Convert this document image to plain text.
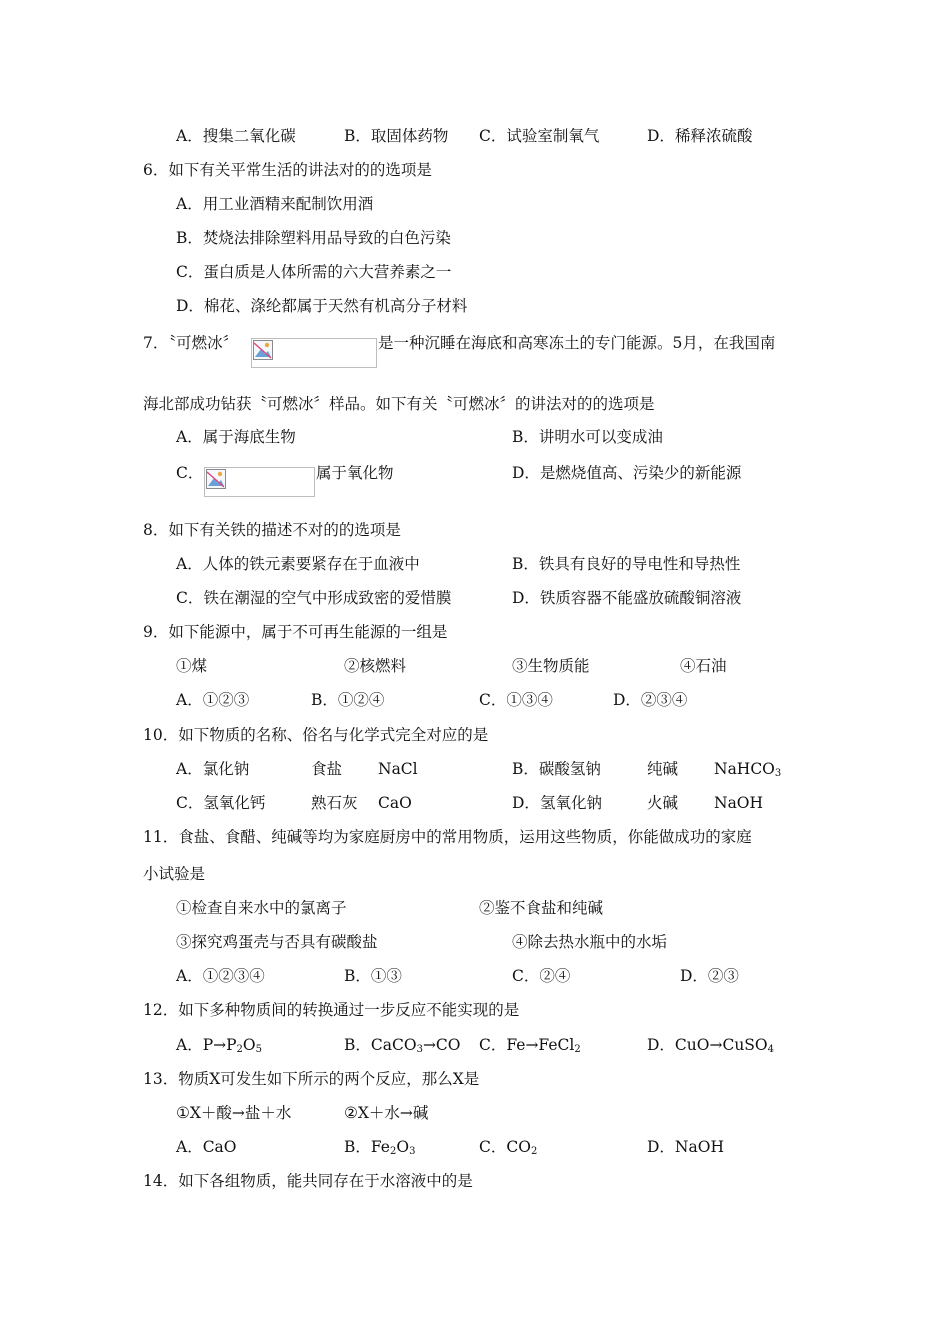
A．搜集二氧化碳	B．取固体药物 C．试验室制氧气	D．稀释浓硫酸
6．如下有关平常生活的讲法对的的选项是
A．用工业酒精来配制饮用酒
B．焚烧法排除塑料用品导致的白色污染
C．蛋白质是人体所需的六大营养素之一
D．棉花、涤纶都属于天然有机高分子材料
7．〝可燃冰〞	是一种沉睡在海底和高寒冻土的专门能源。5月，在我国南
海北部成功钻获〝可燃冰〞样品。如下有关〝可燃冰〞的讲法对的的选项是
A．属于海底生物	B．讲明水可以变成油
C．	属于氧化物	D．是燃烧值高、污染少的新能源
8．如下有关铁的描述不对的的选项是
A．人体的铁元素要紧存在于血液中	B．铁具有良好的导电性和导热性
C．铁在潮湿的空气中形成致密的爱惜膜	D．铁质容器不能盛放硫酸铜溶液
9．如下能源中，属于不可再生能源的一组是
①煤	②核燃料	③生物质能	④石油
A．①②③	B．①②④	C．①③④	D．②③④
10．如下物质的名称、俗名与化学式完全对应的是
A．氯化钠	食盐 NaCl	B．碳酸氢钠	纯碱 NaHCO$_3$
C．氢氧化钙	熟石灰 CaO	D．氢氧化钠	火碱 NaOH
11．食盐、食醋、纯碱等均为家庭厨房中的常用物质，运用这些物质，你能做成功的家庭
小试验是
①检查自来水中的氯离子	②鉴不食盐和纯碱
③探究鸡蛋壳与否具有碳酸盐	④除去热水瓶中的水垢
A．①②③④	B．①③	C．②④	D．②③
12．如下多种物质间的转换通过一步反应不能实现的是
A．$P\to P_2O_5$	B．CaCO$_3$→CO C．Fe→FeCl$_2$	D．CuO→CuSO$_4$
13．物质X可发生如下所示的两个反应，那么X是
①X＋酸→盐＋水	②X＋水→碱
A．CaO	B．$Fe_2O_3$	C．$CO_2$	D．NaOH
14．如下各组物质，能共同存在于水溶液中的是
